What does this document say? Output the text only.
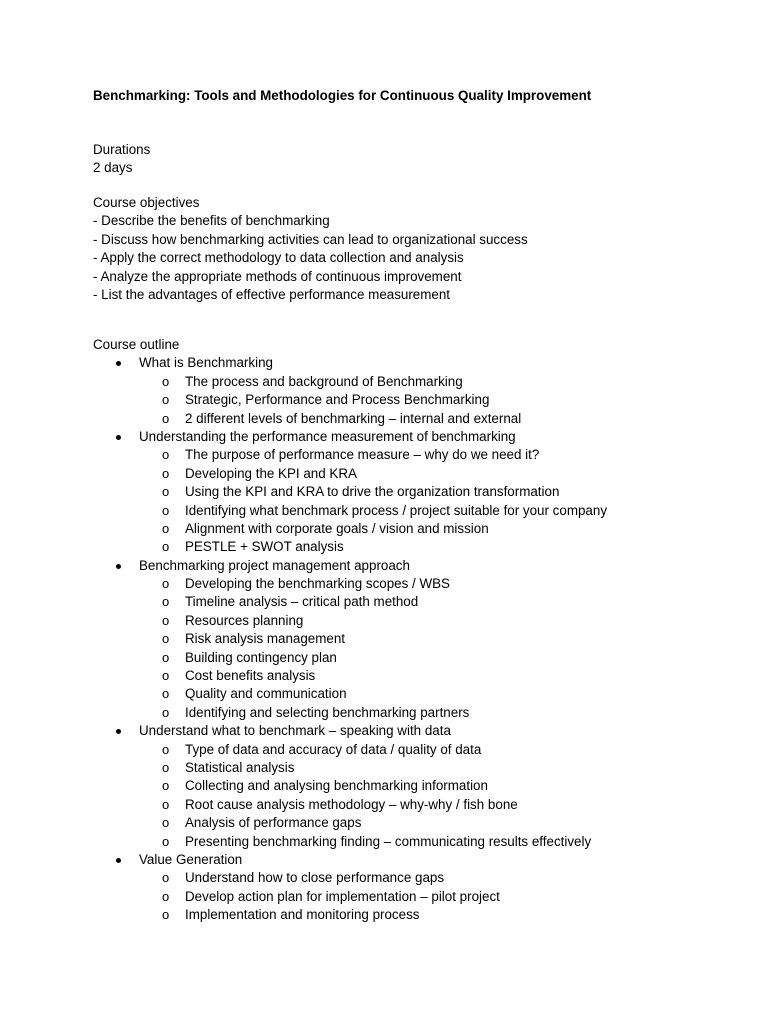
Benchmarking: Tools and Methodologies for Continuous Quality Improvement
Durations
2 days
Course objectives
- Describe the benefits of benchmarking
- Discuss how benchmarking activities can lead to organizational success
- Apply the correct methodology to data collection and analysis
- Analyze the appropriate methods of continuous improvement
- List the advantages of effective performance measurement
Course outline
What is Benchmarking
o	The process and background of Benchmarking
o	Strategic, Performance and Process Benchmarking
o	2 different levels of benchmarking – internal and external
Understanding the performance measurement of benchmarking
o	The purpose of performance measure – why do we need it?
o	Developing the KPI and KRA
o	Using the KPI and KRA to drive the organization transformation
o	Identifying what benchmark process / project suitable for your company
o	Alignment with corporate goals / vision and mission
o	PESTLE + SWOT analysis
Benchmarking project management approach
o	Developing the benchmarking scopes / WBS
o	Timeline analysis – critical path method
o	Resources planning
o	Risk analysis management
o	Building contingency plan
o	Cost benefits analysis
o	Quality and communication
o	Identifying and selecting benchmarking partners
Understand what to benchmark – speaking with data
o	Type of data and accuracy of data / quality of data
o	Statistical analysis
o	Collecting and analysing benchmarking information
o	Root cause analysis methodology – why-why / fish bone
o	Analysis of performance gaps
o	Presenting benchmarking finding – communicating results effectively
Value Generation
o	Understand how to close performance gaps
o	Develop action plan for implementation – pilot project
o	Implementation and monitoring process
